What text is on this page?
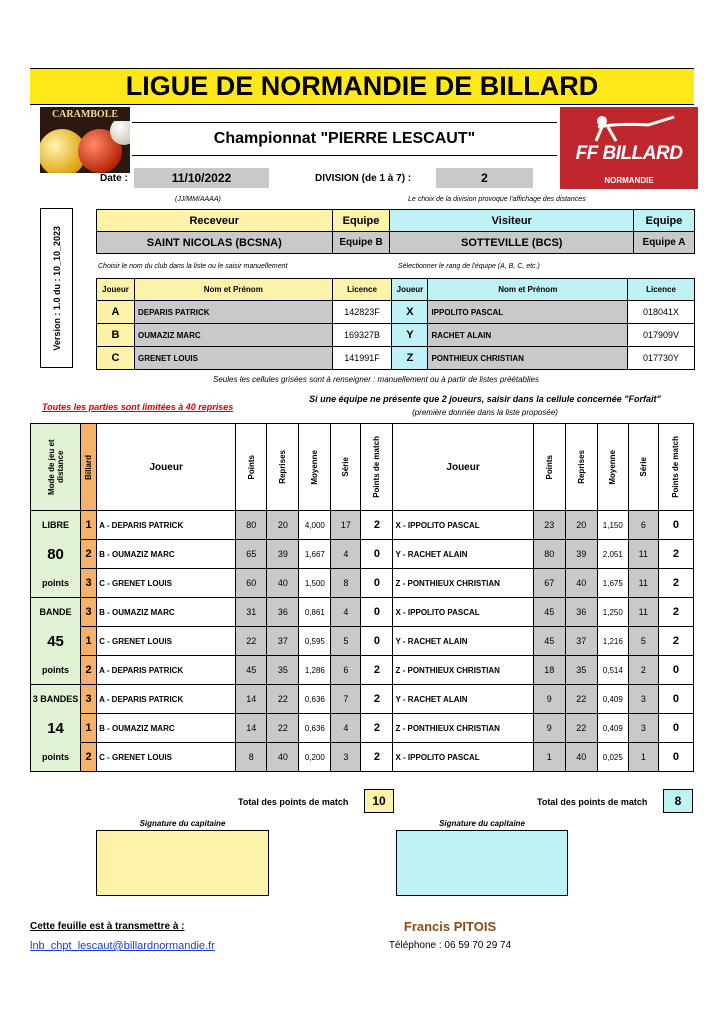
LIGUE DE NORMANDIE DE BILLARD
CARAMBOLE
Championnat "PIERRE LESCAUT"
FF BILLARD
NORMANDIE
Date :	11/10/2022
(JJ/MM/AAAA)
DIVISION (de 1 à 7) :	2
Le choix de la division provoque l'affichage des distances
Version : 1.0 du : 10_10_2023
Receveur	Equipe	Visiteur	Equipe
SAINT NICOLAS (BCSNA)	Equipe B	SOTTEVILLE (BCS)	Equipe A
Choisir le nom du club dans la liste ou le saisir manuellement	Sélectionner le rang de l'équipe (A, B, C, etc.)
Joueur	Nom et Prénom	Licence	Joueur	Nom et Prénom	Licence
A	DEPARIS PATRICK	142823F	X	IPPOLITO PASCAL	018041X
B	OUMAZIZ MARC	169327B	Y	RACHET ALAIN	017909V
C	GRENET LOUIS	141991F	Z	PONTHIEUX CHRISTIAN	017730Y
Seules les cellules grisées sont à renseigner : manuellement ou à partir de listes préétablies
Toutes les parties sont limitées à 40 reprises
Si une équipe ne présente que 2 joueurs, saisir dans la cellule concernée "Forfait"
(première donnée dans la liste proposée)
Mode de jeu et distance	Billard	Joueur	Points	Reprises	Moyenne	Série	Points de match	Joueur	Points	Reprises	Moyenne	Série	Points de match

LIBRE	1	A - DEPARIS PATRICK	80	20	4,000	17	2	X - IPPOLITO PASCAL	23	20	1,150	6	0
80	2	B - OUMAZIZ MARC	65	39	1,667	4	0	Y - RACHET ALAIN	80	39	2,051	11	2
points	3	C - GRENET LOUIS	60	40	1,500	8	0	Z - PONTHIEUX CHRISTIAN	67	40	1,675	11	2
BANDE	3	B - OUMAZIZ MARC	31	36	0,861	4	0	X - IPPOLITO PASCAL	45	36	1,250	11	2
45	1	C - GRENET LOUIS	22	37	0,595	5	0	Y - RACHET ALAIN	45	37	1,216	5	2
points	2	A - DEPARIS PATRICK	45	35	1,286	6	2	Z - PONTHIEUX CHRISTIAN	18	35	0,514	2	0
3 BANDES	3	A - DEPARIS PATRICK	14	22	0,636	7	2	Y - RACHET ALAIN	9	22	0,409	3	0
14	1	B - OUMAZIZ MARC	14	22	0,636	4	2	Z - PONTHIEUX CHRISTIAN	9	22	0,409	3	0
points	2	C - GRENET LOUIS	8	40	0,200	3	2	X - IPPOLITO PASCAL	1	40	0,025	1	0
Total des points de match	10	Total des points de match	8
Signature du capitaine	Signature du capitaine
Cette feuille est à transmettre à :
lnb_chpt_lescaut@billardnormandie.fr
Francis PITOIS
Téléphone : 06 59 70 29 74
